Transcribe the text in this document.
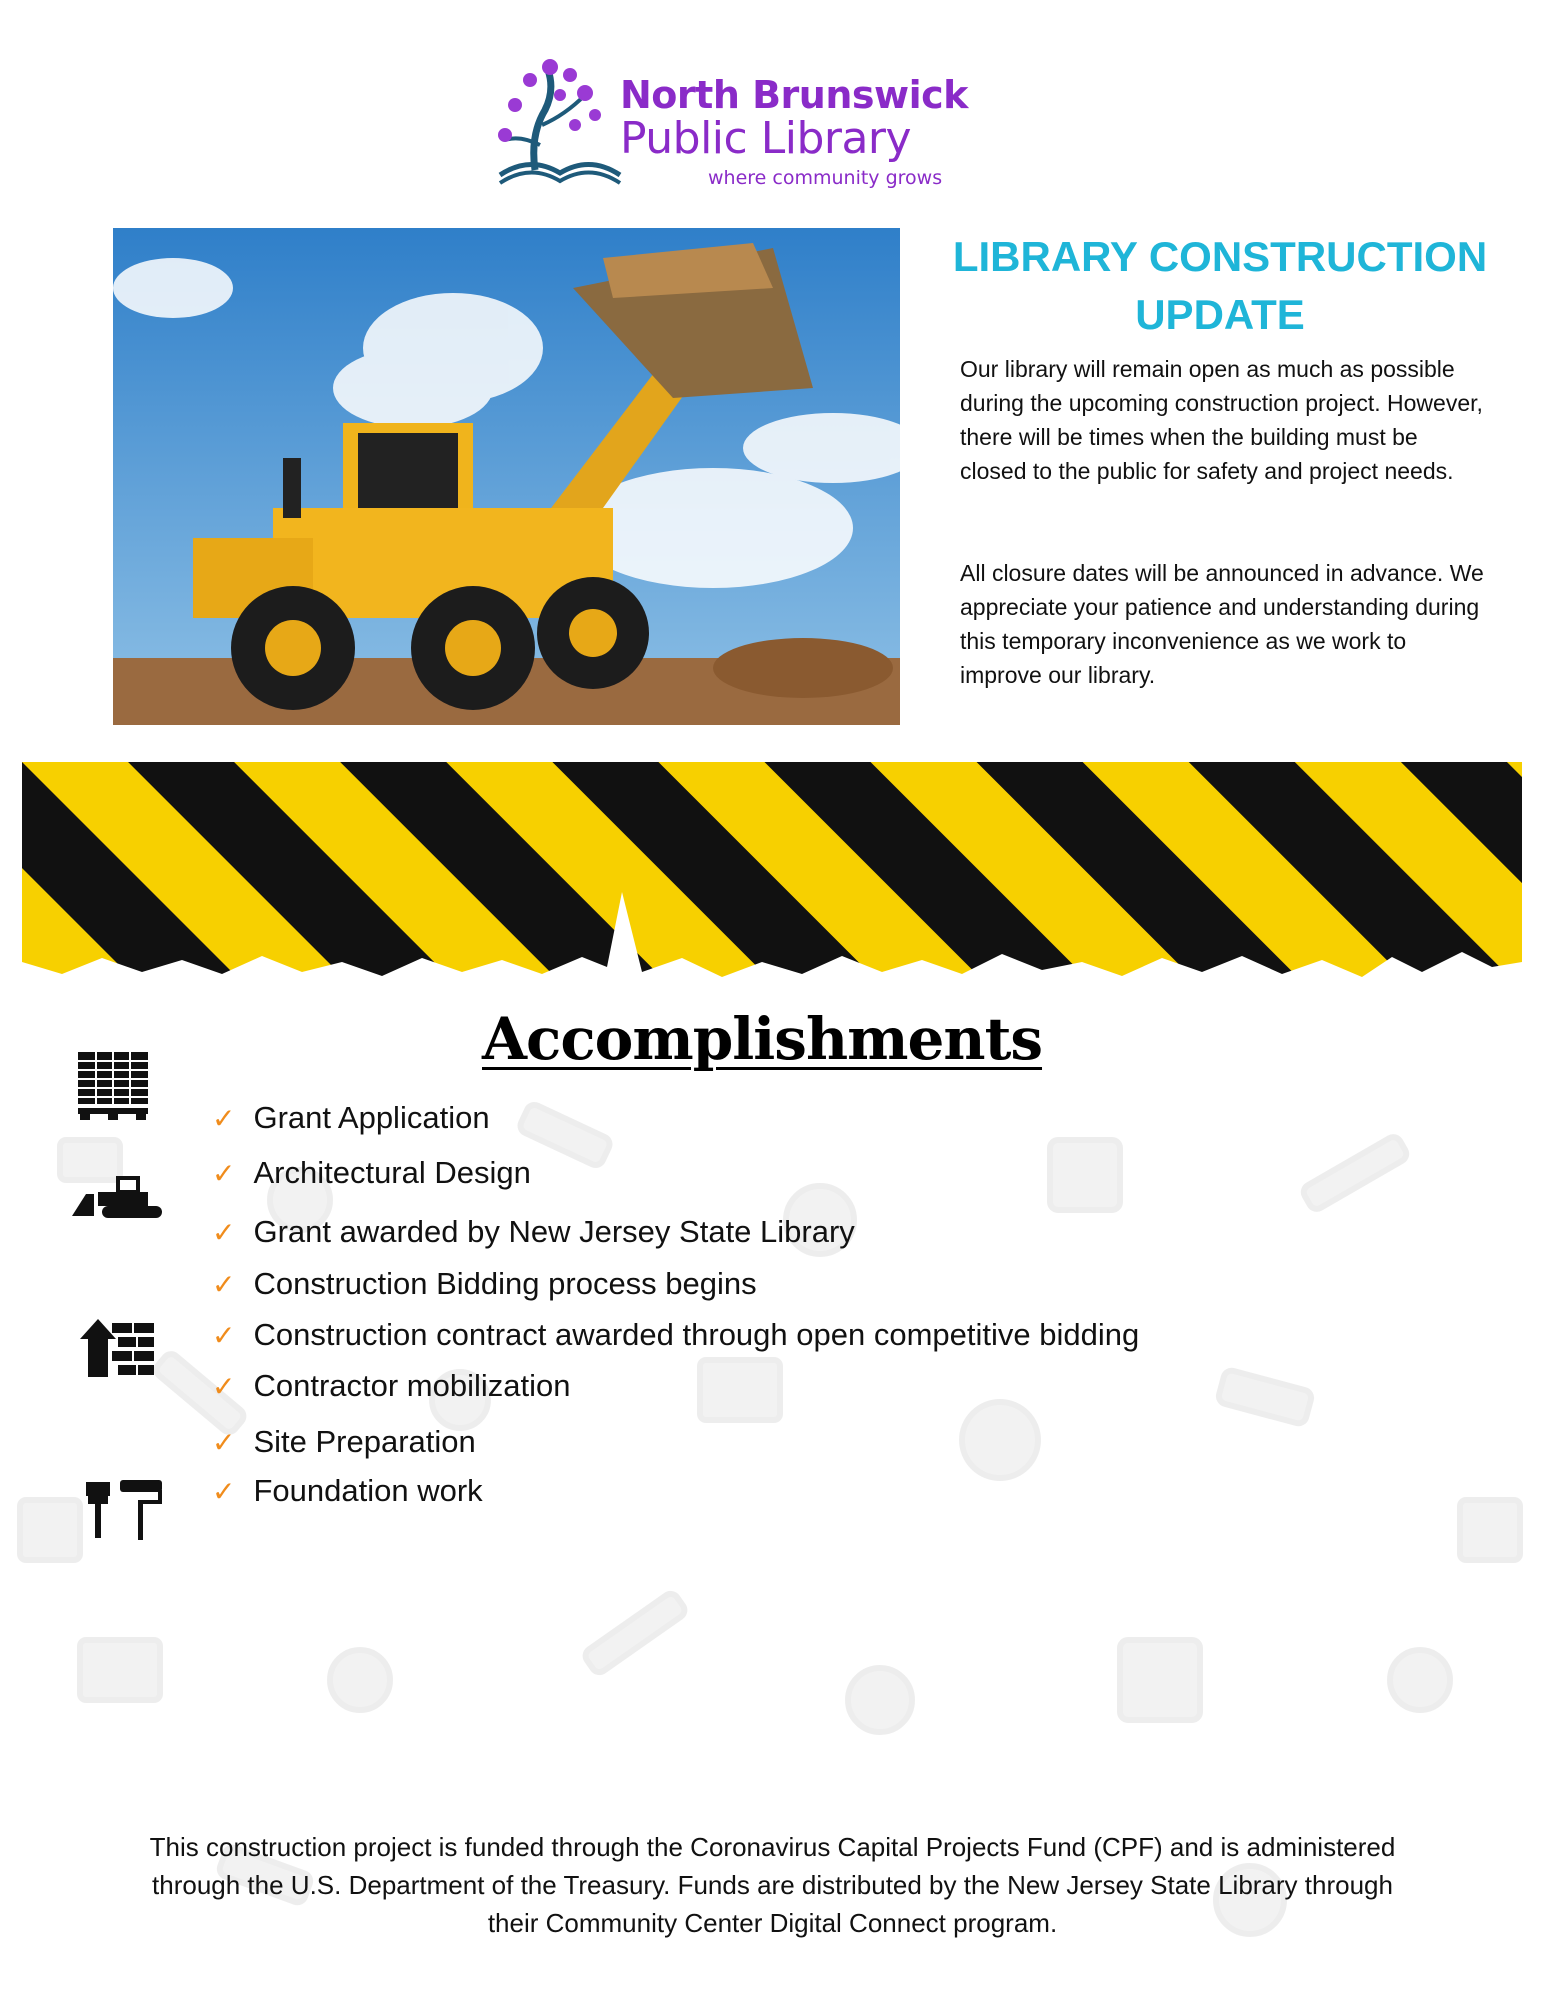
North Brunswick
Public Library
where community grows
LIBRARY CONSTRUCTION UPDATE
Our library will remain open as much as possible during the upcoming construction project. However, there will be times when the building must be closed to the public for safety and project needs.
All closure dates will be announced in advance. We appreciate your patience and understanding during this temporary inconvenience as we work to improve our library.
Accomplishments
✓ Grant Application
✓ Architectural Design
✓ Grant awarded by New Jersey State Library
✓ Construction Bidding process begins
✓ Construction contract awarded through open competitive bidding
✓ Contractor mobilization
✓ Site Preparation
✓ Foundation work
This construction project is funded through the Coronavirus Capital Projects Fund (CPF) and is administered through the U.S. Department of the Treasury. Funds are distributed by the New Jersey State Library through their Community Center Digital Connect program.
